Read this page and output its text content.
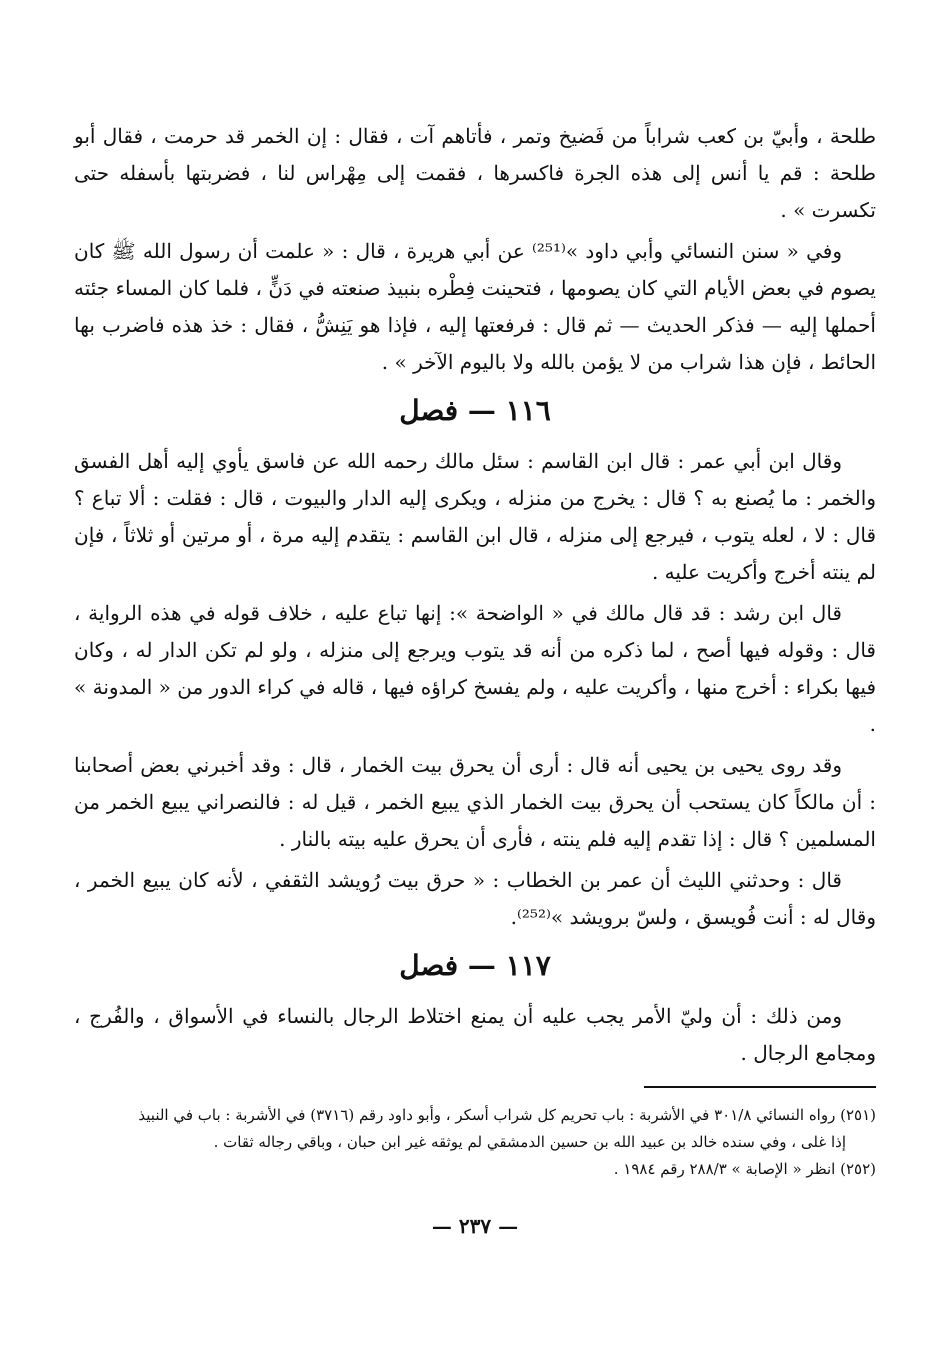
طلحة ، وأبيّ بن كعب شراباً من فَضيخ وتمر ، فأتاهم آت ، فقال : إن الخمر قد حرمت ، فقال أبو طلحة : قم يا أنس إلى هذه الجرة فاكسرها ، فقمت إلى مِهْراس لنا ، فضربتها بأسفله حتى تكسرت » .

وفي « سنن النسائي وأبي داود »⁽²⁵¹⁾ عن أبي هريرة ، قال : « علمت أن رسول الله ﷺ كان يصوم في بعض الأيام التي كان يصومها ، فتحينت فِطْره بنبيذ صنعته في دَنٍّ ، فلما كان المساء جئته أحملها إليه — فذكر الحديث — ثم قال : فرفعتها إليه ، فإذا هو يَنِشُّ ، فقال : خذ هذه فاضرب بها الحائط ، فإن هذا شراب من لا يؤمن بالله ولا باليوم الآخر » .

١١٦ — فصل

وقال ابن أبي عمر : قال ابن القاسم : سئل مالك رحمه الله عن فاسق يأوي إليه أهل الفسق والخمر : ما يُصنع به ؟ قال : يخرج من منزله ، ويكرى إليه الدار والبيوت ، قال : فقلت : ألا تباع ؟ قال : لا ، لعله يتوب ، فيرجع إلى منزله ، قال ابن القاسم : يتقدم إليه مرة ، أو مرتين أو ثلاثاً ، فإن لم ينته أخرج وأكريت عليه .

قال ابن رشد : قد قال مالك في « الواضحة »: إنها تباع عليه ، خلاف قوله في هذه الرواية ، قال : وقوله فيها أصح ، لما ذكره من أنه قد يتوب ويرجع إلى منزله ، ولو لم تكن الدار له ، وكان فيها بكراء : أخرج منها ، وأكريت عليه ، ولم يفسخ كراؤه فيها ، قاله في كراء الدور من « المدونة » .

وقد روى يحيى بن يحيى أنه قال : أرى أن يحرق بيت الخمار ، قال : وقد أخبرني بعض أصحابنا : أن مالكاً كان يستحب أن يحرق بيت الخمار الذي يبيع الخمر ، قيل له : فالنصراني يبيع الخمر من المسلمين ؟ قال : إذا تقدم إليه فلم ينته ، فأرى أن يحرق عليه بيته بالنار .

قال : وحدثني الليث أن عمر بن الخطاب : « حرق بيت رُويشد الثقفي ، لأنه كان يبيع الخمر ، وقال له : أنت فُويسق ، ولسّ برويشد »⁽²⁵²⁾.

١١٧ — فصل

ومن ذلك : أن وليّ الأمر يجب عليه أن يمنع اختلاط الرجال بالنساء في الأسواق ، والفُرج ، ومجامع الرجال .

(٢٥١) رواه النسائي ٣٠١/٨ في الأشربة : باب تحريم كل شراب أسكر ، وأبو داود رقم (٣٧١٦) في الأشربة : باب في النبيذ

إذا غلى ، وفي سنده خالد بن عبيد الله بن حسين الدمشقي لم يوثقه غير ابن حبان ، وباقي رجاله ثقات .

(٢٥٢) انظر « الإصابة » ٢٨٨/٣ رقم ١٩٨٤ .

— ٢٣٧ —
